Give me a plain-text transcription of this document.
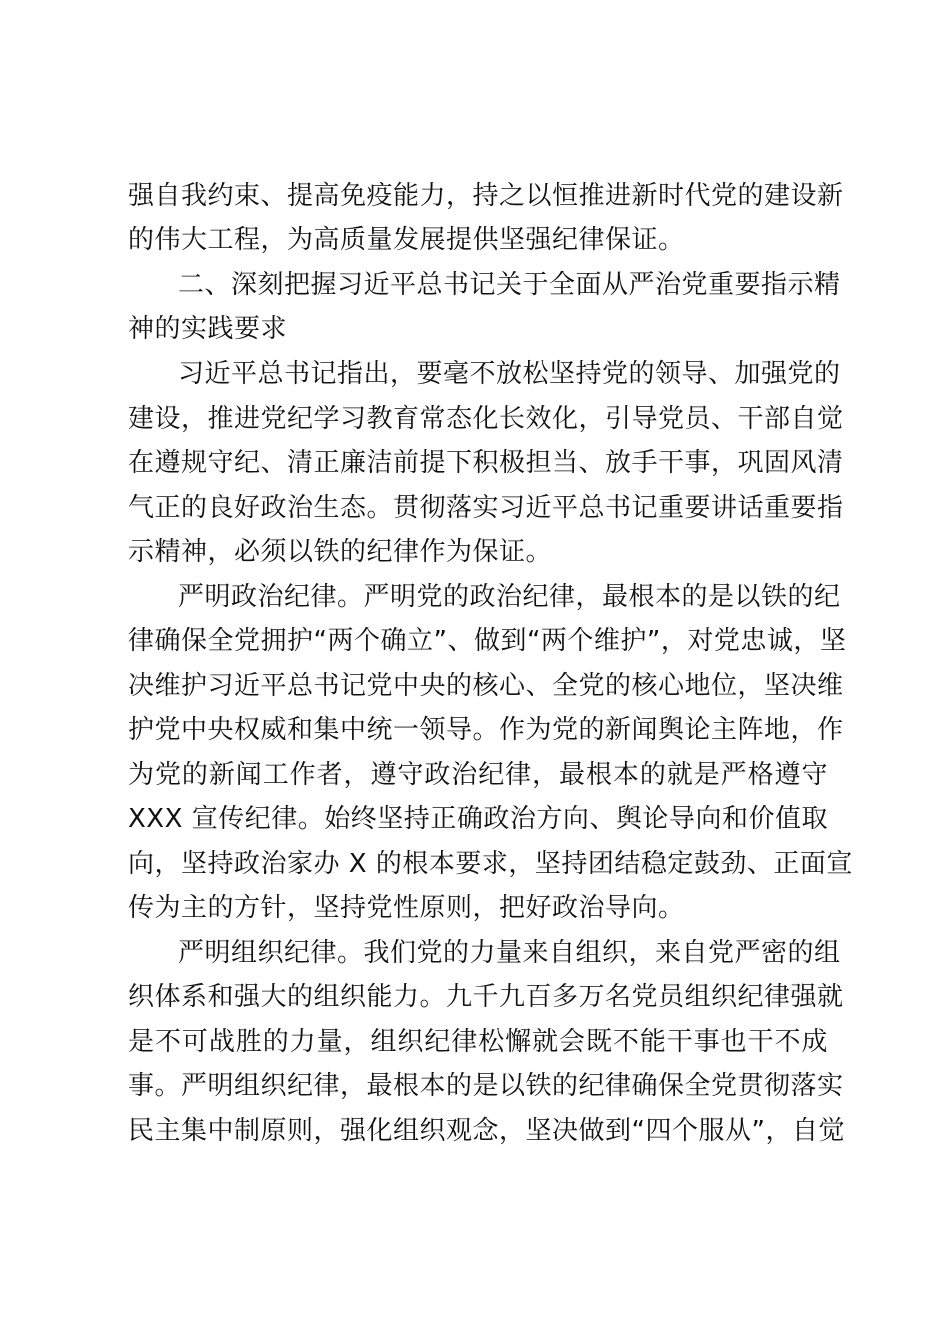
强自我约束、提高免疫能力，持之以恒推进新时代党的建设新
的伟大工程，为高质量发展提供坚强纪律保证。
二、深刻把握习近平总书记关于全面从严治党重要指示精
神的实践要求
习近平总书记指出，要毫不放松坚持党的领导、加强党的
建设，推进党纪学习教育常态化长效化，引导党员、干部自觉
在遵规守纪、清正廉洁前提下积极担当、放手干事，巩固风清
气正的良好政治生态。贯彻落实习近平总书记重要讲话重要指
示精神，必须以铁的纪律作为保证。
严明政治纪律。严明党的政治纪律，最根本的是以铁的纪
律确保全党拥护“两个确立”、做到“两个维护”，对党忠诚，坚
决维护习近平总书记党中央的核心、全党的核心地位，坚决维
护党中央权威和集中统一领导。作为党的新闻舆论主阵地，作
为党的新闻工作者，遵守政治纪律，最根本的就是严格遵守
XXX 宣传纪律。始终坚持正确政治方向、舆论导向和价值取
向，坚持政治家办 X 的根本要求，坚持团结稳定鼓劲、正面宣
传为主的方针，坚持党性原则，把好政治导向。
严明组织纪律。我们党的力量来自组织，来自党严密的组
织体系和强大的组织能力。九千九百多万名党员组织纪律强就
是不可战胜的力量，组织纪律松懈就会既不能干事也干不成
事。严明组织纪律，最根本的是以铁的纪律确保全党贯彻落实
民主集中制原则，强化组织观念，坚决做到“四个服从”，自觉
